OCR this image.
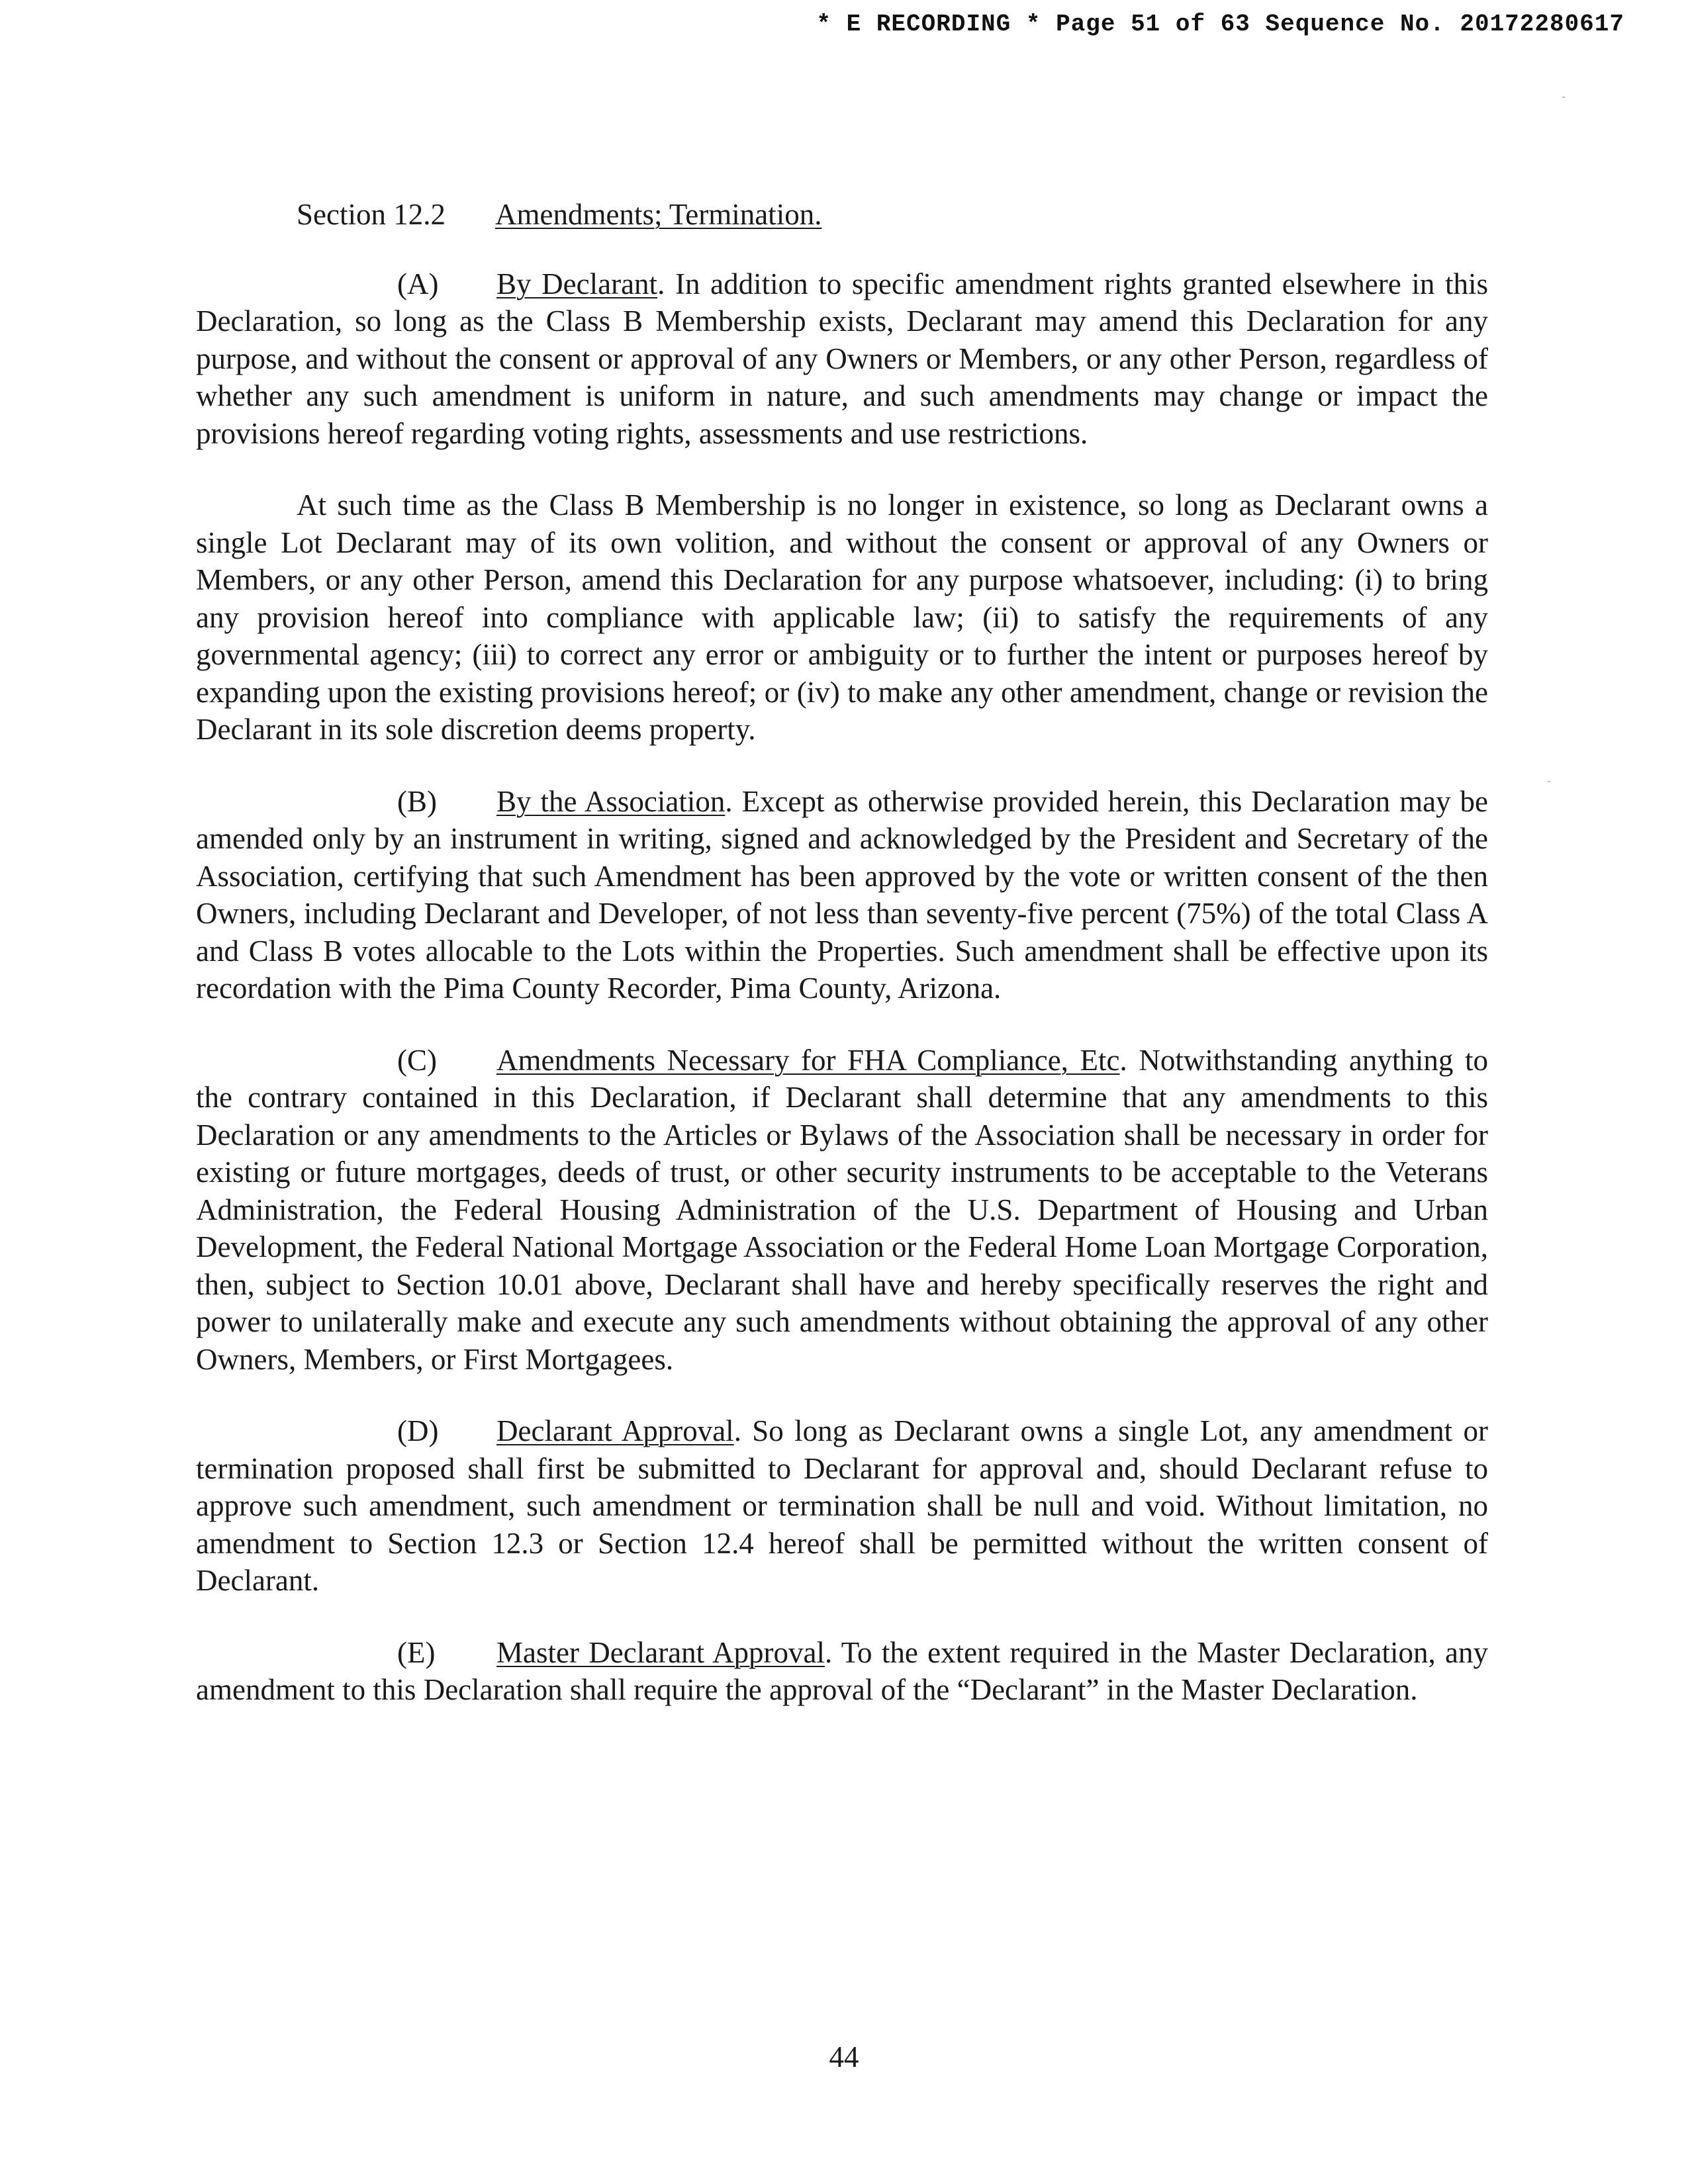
* E RECORDING * Page 51 of 63 Sequence No. 20172280617
Section 12.2 Amendments; Termination.

(A) By Declarant. In addition to specific amendment rights granted elsewhere in this Declaration, so long as the Class B Membership exists, Declarant may amend this Declaration for any purpose, and without the consent or approval of any Owners or Members, or any other Person, regardless of whether any such amendment is uniform in nature, and such amendments may change or impact the provisions hereof regarding voting rights, assessments and use restrictions.

At such time as the Class B Membership is no longer in existence, so long as Declarant owns a single Lot Declarant may of its own volition, and without the consent or approval of any Owners or Members, or any other Person, amend this Declaration for any purpose whatsoever, including: (i) to bring any provision hereof into compliance with applicable law; (ii) to satisfy the requirements of any governmental agency; (iii) to correct any error or ambiguity or to further the intent or purposes hereof by expanding upon the existing provisions hereof; or (iv) to make any other amendment, change or revision the Declarant in its sole discretion deems property.

(B) By the Association. Except as otherwise provided herein, this Declaration may be amended only by an instrument in writing, signed and acknowledged by the President and Secretary of the Association, certifying that such Amendment has been approved by the vote or written consent of the then Owners, including Declarant and Developer, of not less than seventy-five percent (75%) of the total Class A and Class B votes allocable to the Lots within the Properties. Such amendment shall be effective upon its recordation with the Pima County Recorder, Pima County, Arizona.

(C) Amendments Necessary for FHA Compliance, Etc. Notwithstanding anything to the contrary contained in this Declaration, if Declarant shall determine that any amendments to this Declaration or any amendments to the Articles or Bylaws of the Association shall be necessary in order for existing or future mortgages, deeds of trust, or other security instruments to be acceptable to the Veterans Administration, the Federal Housing Administration of the U.S. Department of Housing and Urban Development, the Federal National Mortgage Association or the Federal Home Loan Mortgage Corporation, then, subject to Section 10.01 above, Declarant shall have and hereby specifically reserves the right and power to unilaterally make and execute any such amendments without obtaining the approval of any other Owners, Members, or First Mortgagees.

(D) Declarant Approval. So long as Declarant owns a single Lot, any amendment or termination proposed shall first be submitted to Declarant for approval and, should Declarant refuse to approve such amendment, such amendment or termination shall be null and void. Without limitation, no amendment to Section 12.3 or Section 12.4 hereof shall be permitted without the written consent of Declarant.

(E) Master Declarant Approval. To the extent required in the Master Declaration, any amendment to this Declaration shall require the approval of the “Declarant” in the Master Declaration.

44
